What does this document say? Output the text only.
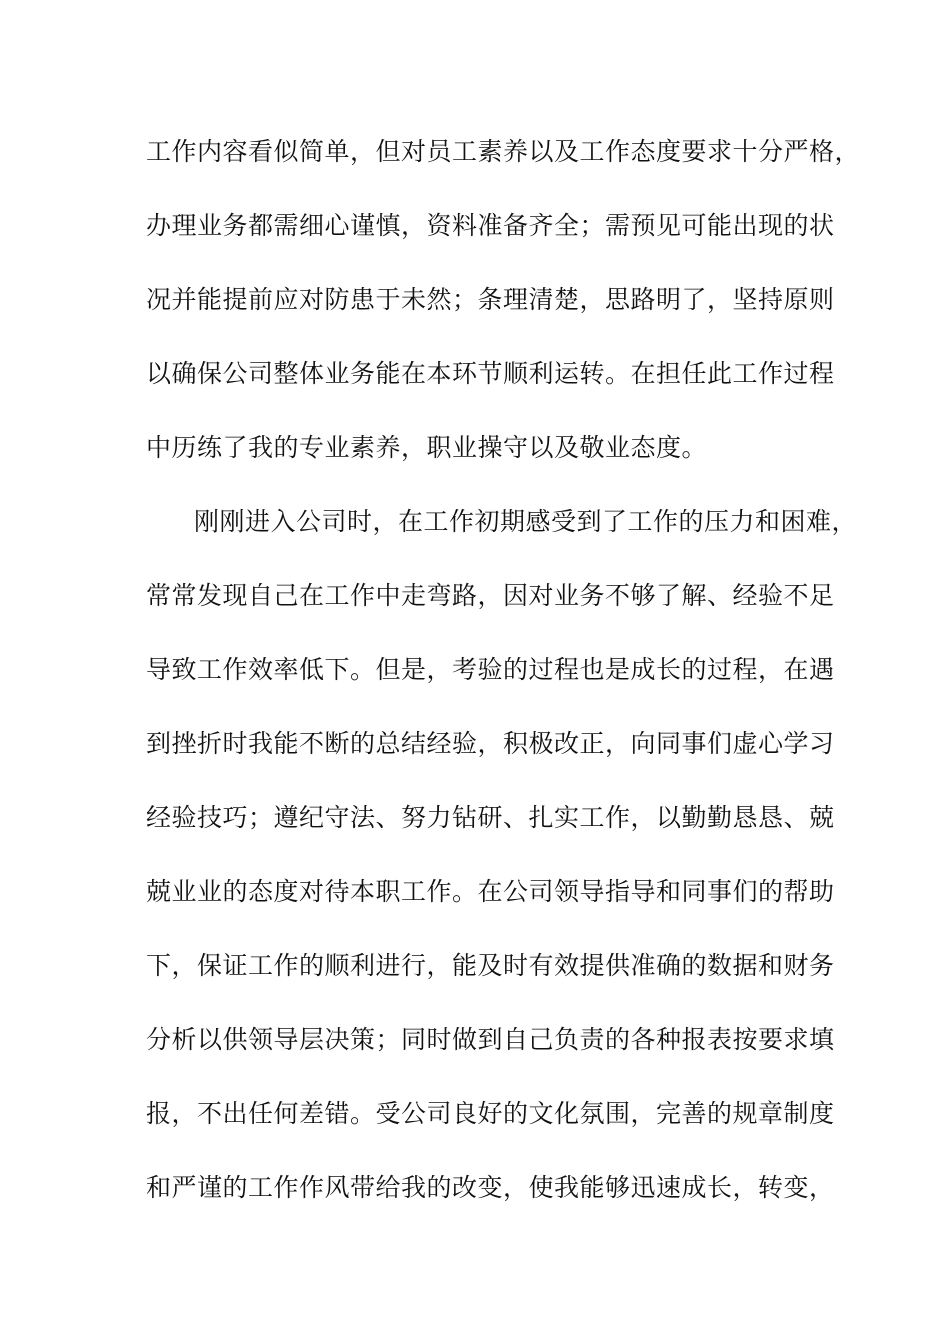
工作内容看似简单，但对员工素养以及工作态度要求十分严格，
办理业务都需细心谨慎，资料准备齐全；需预见可能出现的状
况并能提前应对防患于未然；条理清楚，思路明了，坚持原则
以确保公司整体业务能在本环节顺利运转。在担任此工作过程
中历练了我的专业素养，职业操守以及敬业态度。
刚刚进入公司时，在工作初期感受到了工作的压力和困难，
常常发现自己在工作中走弯路，因对业务不够了解、经验不足
导致工作效率低下。但是，考验的过程也是成长的过程，在遇
到挫折时我能不断的总结经验，积极改正，向同事们虚心学习
经验技巧；遵纪守法、努力钻研、扎实工作，以勤勤恳恳、兢
兢业业的态度对待本职工作。在公司领导指导和同事们的帮助
下，保证工作的顺利进行，能及时有效提供准确的数据和财务
分析以供领导层决策；同时做到自己负责的各种报表按要求填
报，不出任何差错。受公司良好的文化氛围，完善的规章制度
和严谨的工作作风带给我的改变，使我能够迅速成长，转变，
